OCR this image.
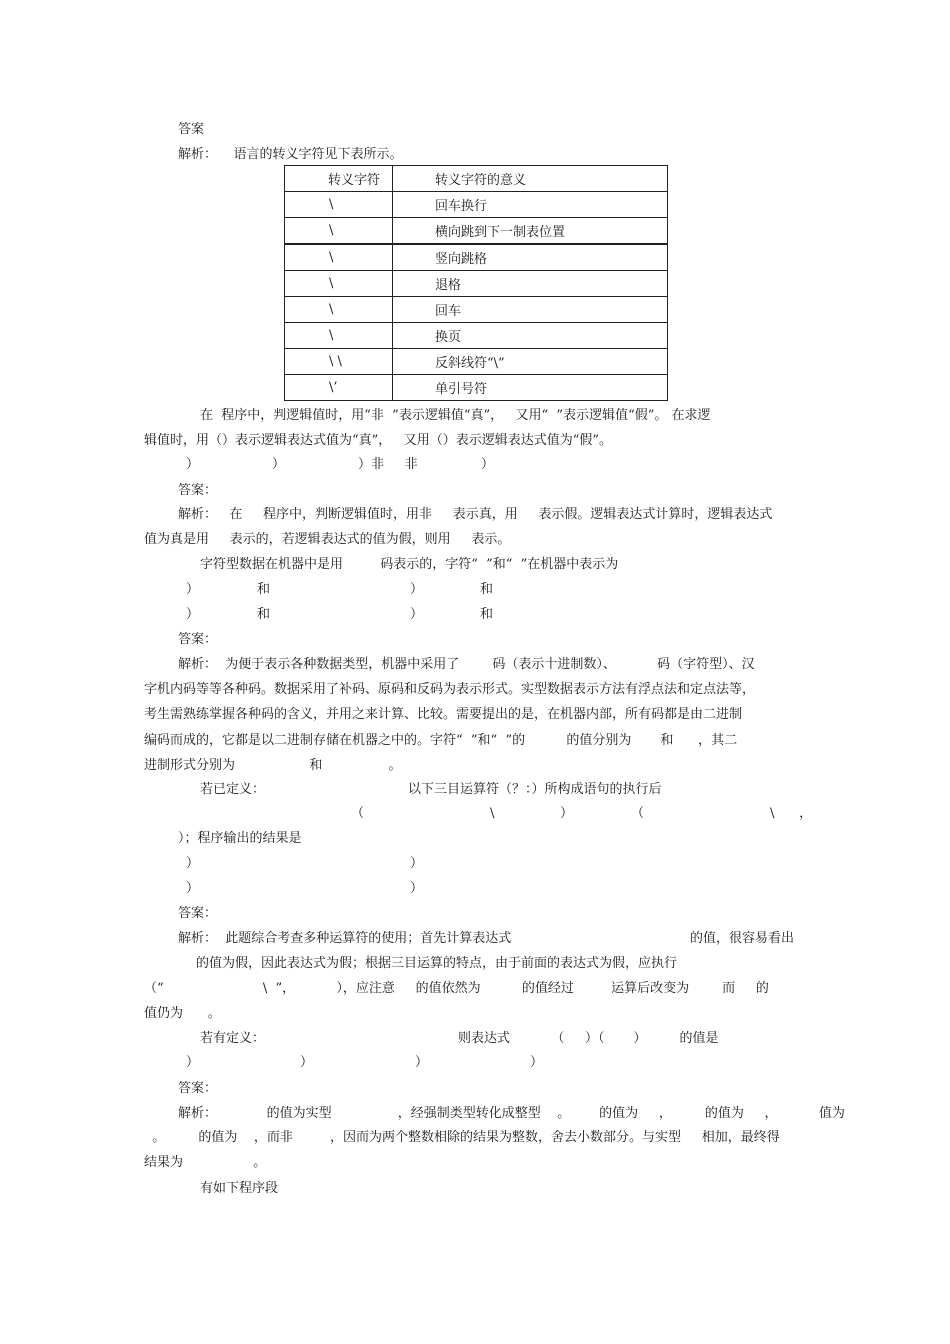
答案
解析：    语言的转义字符见下表所示。
转义字符	转义字符的意义
\	回车换行
\	横向跳到下一制表位置
\	竖向跳格
\	退格
\	回车
\	换页
\ \	反斜线符“\”
\’	单引号符
在  程序中，判逻辑值时，用“非  ”表示逻辑值“真”，   又用“  ”表示逻辑值“假”。 在求逻
辑值时，用（）表示逻辑表达式值为“真”，   又用（）表示逻辑表达式值为“假”。
）	）	）非     非	）
答案：
解析：   在     程序中，判断逻辑值时，用非     表示真，用     表示假。逻辑表达式计算时，逻辑表达式
值为真是用     表示的，若逻辑表达式的值为假，则用     表示。
字符型数据在机器中是用         码表示的，字符“  ”和“  ”在机器中表示为
）	和	）	和
）	和	）	和
答案：
解析：  为便于表示各种数据类型，机器中采用了        码（表示十进制数）、          码（字符型）、汉
字机内码等等各种码。数据采用了补码、原码和反码为表示形式。实型数据表示方法有浮点法和定点法等，
考生需熟练掌握各种码的含义，并用之来计算、比较。需要提出的是，在机器内部，所有码都是由二进制
编码而成的，它都是以二进制存储在机器之中的。字符“  ”和“  ”的          的值分别为       和      ，其二
进制形式分别为                  和                。
若已定义：	以下三目运算符（？：）所构成语句的执行后
（	\	）	（	\      ，
）；程序输出的结果是
）	）
）	）
答案：
解析：  此题综合考查多种运算符的使用；首先计算表达式	的值，很容易看出
的值为假，因此表达式为假；根据三目运算的特点，由于前面的表达式为假，应执行
（“                        \  ”，          ），应注意     的值依然为          的值经过         运算后改变为        而     的
值仍为      。
若有定义：	则表达式          （     ）（       ）        的值是
）	）	）	）
答案：
解析：            的值为实型                ，经强制类型转化成整型    。       的值为     ，        的值为     ，          值为
。        的值为    ，而非         ，因而为两个整数相除的结果为整数，舍去小数部分。与实型     相加，最终得
结果为                 。
有如下程序段
